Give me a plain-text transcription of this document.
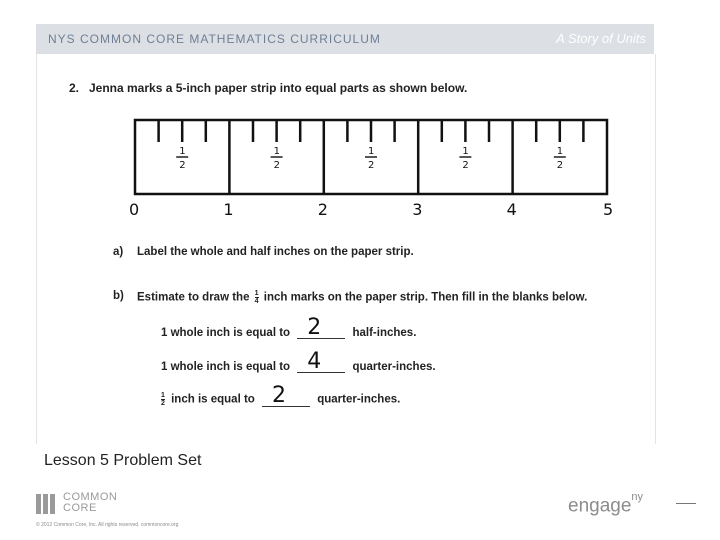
NYS COMMON CORE MATHEMATICS CURRICULUM	A Story of Units
2. Jenna marks a 5-inch paper strip into equal parts as shown below.
1
2
1
2
1
2
1
2
1
2
0	1	2	3	4	5
a) Label the whole and half inches on the paper strip.
b) Estimate to draw the $\frac{1}{4}$ inch marks on the paper strip. Then fill in the blanks below.
1 whole inch is equal to 2	half-inches.
1 whole inch is equal to 4	quarter-inches.
$\frac{1}{2}$ inch is equal to 2	quarter-inches.
Lesson 5 Problem Set
COMMON
CORE
© 2012 Common Core, Inc. All rights reserved. commoncore.org
engage$^{ny}$
